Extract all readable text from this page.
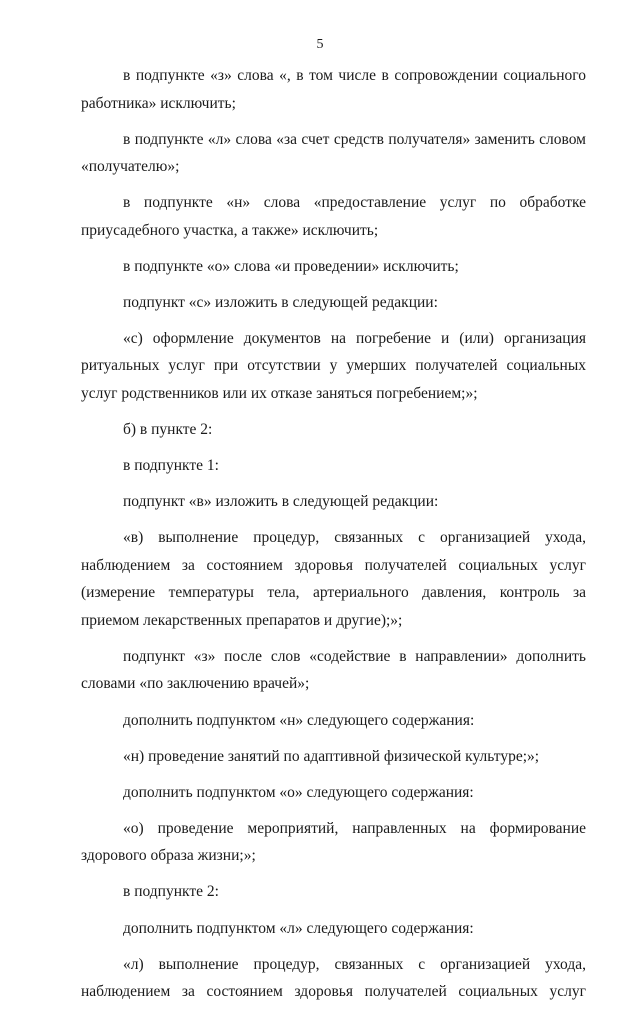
5

в подпункте «з» слова «, в том числе в сопровождении социального работника» исключить;

в подпункте «л» слова «за счет средств получателя» заменить словом «получателю»;

в подпункте «н» слова «предоставление услуг по обработке приусадебного участка, а также» исключить;

в подпункте «о» слова «и проведении» исключить;

подпункт «с» изложить в следующей редакции:

«с) оформление документов на погребение и (или) организация ритуальных услуг при отсутствии у умерших получателей социальных услуг родственников или их отказе заняться погребением;»;

б) в пункте 2:

в подпункте 1:

подпункт «в» изложить в следующей редакции:

«в) выполнение процедур, связанных с организацией ухода, наблюдением за состоянием здоровья получателей социальных услуг (измерение температуры тела, артериального давления, контроль за приемом лекарственных препаратов и другие);»;

подпункт «з» после слов «содействие в направлении» дополнить словами «по заключению врачей»;

дополнить подпунктом «н» следующего содержания:

«н) проведение занятий по адаптивной физической культуре;»;

дополнить подпунктом «о» следующего содержания:

«о) проведение мероприятий, направленных на формирование здорового образа жизни;»;

в подпункте 2:

дополнить подпунктом «л» следующего содержания:

«л) выполнение процедур, связанных с организацией ухода, наблюдением за состоянием здоровья получателей социальных услуг
